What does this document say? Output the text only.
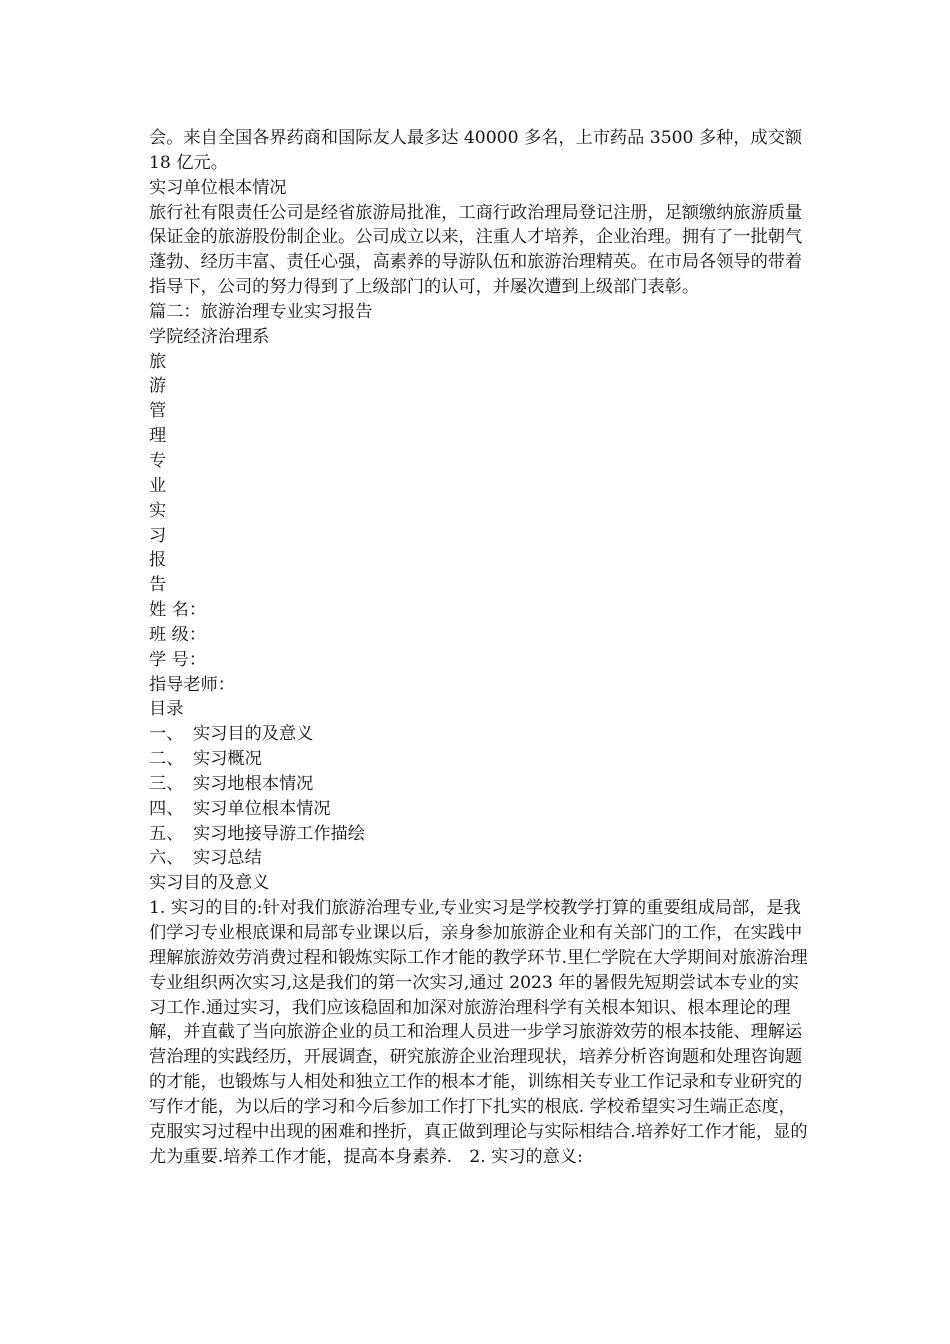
会。来自全国各界药商和国际友人最多达 40000 多名，上市药品 3500 多种，成交额 18 亿元。

实习单位根本情况

旅行社有限责任公司是经省旅游局批准，工商行政治理局登记注册，足额缴纳旅游质量保证金的旅游股份制企业。公司成立以来，注重人才培养，企业治理。拥有了一批朝气蓬勃、经历丰富、责任心强，高素养的导游队伍和旅游治理精英。在市局各领导的带着指导下，公司的努力得到了上级部门的认可，并屡次遭到上级部门表彰。

篇二：旅游治理专业实习报告

学院经济治理系

旅
游
管
理
专
业
实
习
报
告

姓 名：

班 级：

学 号：

指导老师：

目录

一、 实习目的及意义
二、 实习概况
三、 实习地根本情况
四、 实习单位根本情况
五、 实习地接导游工作描绘
六、 实习总结

实习目的及意义

1. 实习的目的:针对我们旅游治理专业,专业实习是学校教学打算的重要组成局部，是我们学习专业根底课和局部专业课以后，亲身参加旅游企业和有关部门的工作，在实践中理解旅游效劳消费过程和锻炼实际工作才能的教学环节.里仁学院在大学期间对旅游治理专业组织两次实习,这是我们的第一次实习,通过 2023 年的暑假先短期尝试本专业的实习工作.通过实习，我们应该稳固和加深对旅游治理科学有关根本知识、根本理论的理解，并直截了当向旅游企业的员工和治理人员进一步学习旅游效劳的根本技能、理解运营治理的实践经历，开展调查，研究旅游企业治理现状，培养分析咨询题和处理咨询题的才能，也锻炼与人相处和独立工作的根本才能，训练相关专业工作记录和专业研究的写作才能，为以后的学习和今后参加工作打下扎实的根底. 学校希望实习生端正态度，克服实习过程中出现的困难和挫折，真正做到理论与实际相结合.培养好工作才能，显的尤为重要.培养工作才能，提高本身素养.　2. 实习的意义:
